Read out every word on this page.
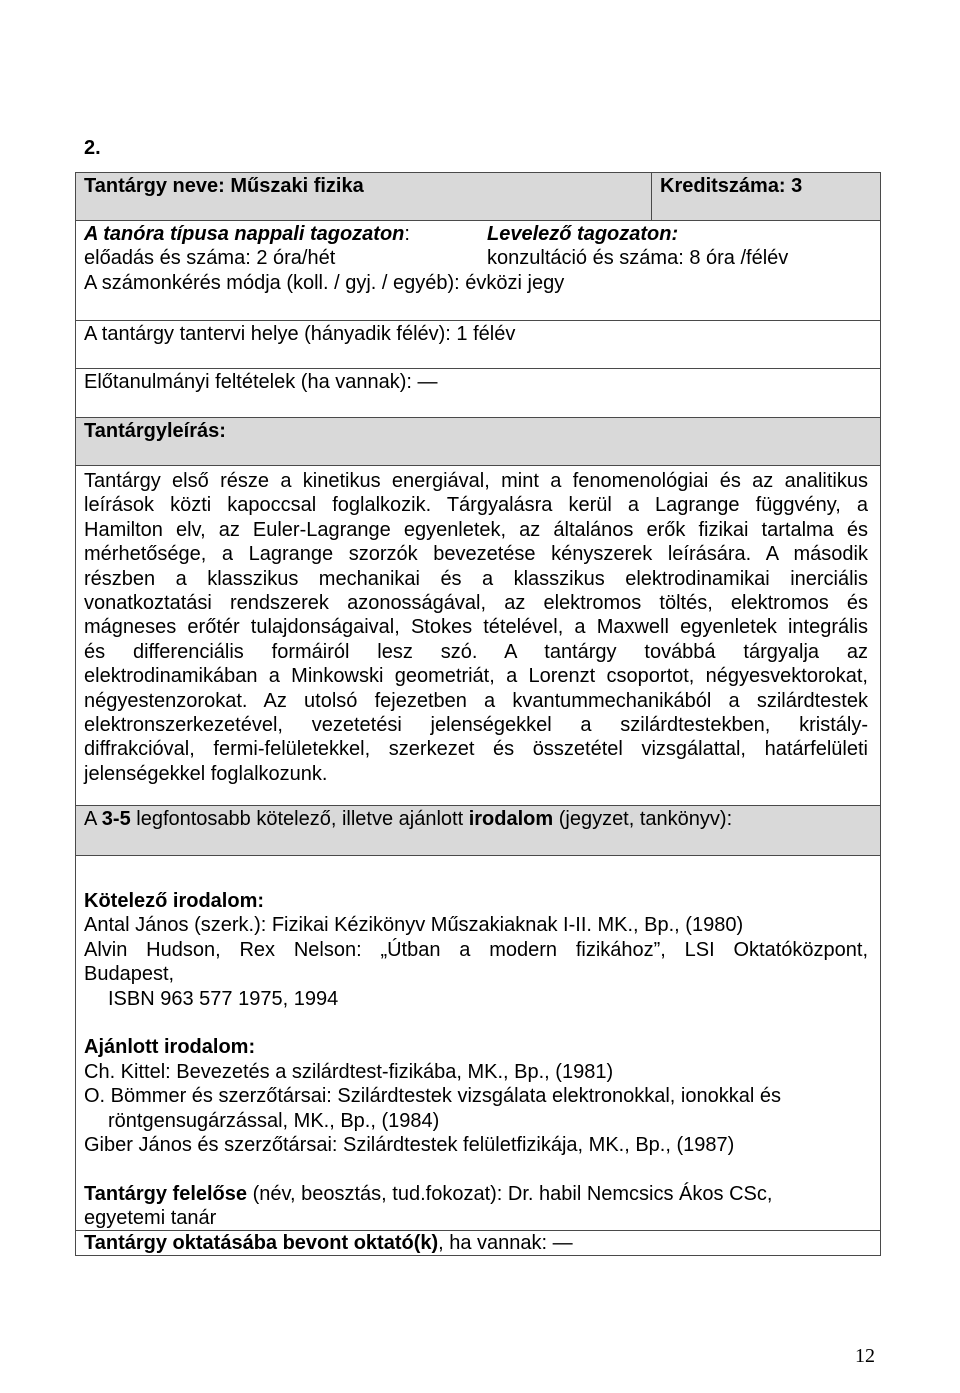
2.
Tantárgy neve: Műszaki fizika	Kreditszáma: 3
A tanóra típusa nappali tagozaton:	Levelező tagozaton:
előadás és száma: 2 óra/hét	konzultáció és száma: 8 óra /félév
A számonkérés módja (koll. / gyj. / egyéb): évközi jegy
A tantárgy tantervi helye (hányadik félév): 1 félév
Előtanulmányi feltételek (ha vannak): —
Tantárgyleírás:
Tantárgy első része a kinetikus energiával, mint a fenomenológiai és az analitikus
leírások közti kapoccsal foglalkozik. Tárgyalásra kerül a Lagrange függvény, a
Hamilton elv, az Euler-Lagrange egyenletek, az általános erők fizikai tartalma és
mérhetősége, a Lagrange szorzók bevezetése kényszerek leírására. A második
részben a klasszikus mechanikai és a klasszikus elektrodinamikai inerciális
vonatkoztatási rendszerek azonosságával, az elektromos töltés, elektromos és
mágneses erőtér tulajdonságaival, Stokes tételével, a Maxwell egyenletek integrális
és differenciális formáiról lesz szó. A tantárgy továbbá tárgyalja az
elektrodinamikában a Minkowski geometriát, a Lorenzt csoportot, négyesvektorokat,
négyestenzorokat. Az utolsó fejezetben a kvantummechanikából a szilárdtestek
elektronszerkezetével, vezetetési jelenségekkel a szilárdtestekben, kristály-
diffrakcióval, fermi-felületekkel, szerkezet és összetétel vizsgálattal, határfelületi
jelenségekkel foglalkozunk.
A 3-5 legfontosabb kötelező, illetve ajánlott irodalom (jegyzet, tankönyv):
Kötelező irodalom:
Antal János (szerk.): Fizikai Kézikönyv Műszakiaknak I-II. MK., Bp., (1980)
Alvin Hudson, Rex Nelson: „Útban a modern fizikához”, LSI Oktatóközpont,
Budapest,
ISBN 963 577 1975, 1994
Ajánlott irodalom:
Ch. Kittel: Bevezetés a szilárdtest-fizikába, MK., Bp., (1981)
O. Bömmer és szerzőtársai: Szilárdtestek vizsgálata elektronokkal, ionokkal és
röntgensugárzással, MK., Bp., (1984)
Giber János és szerzőtársai: Szilárdtestek felületfizikája, MK., Bp., (1987)
Tantárgy felelőse (név, beosztás, tud.fokozat): Dr. habil Nemcsics Ákos CSc,
egyetemi tanár
Tantárgy oktatásába bevont oktató(k), ha vannak: —
12
